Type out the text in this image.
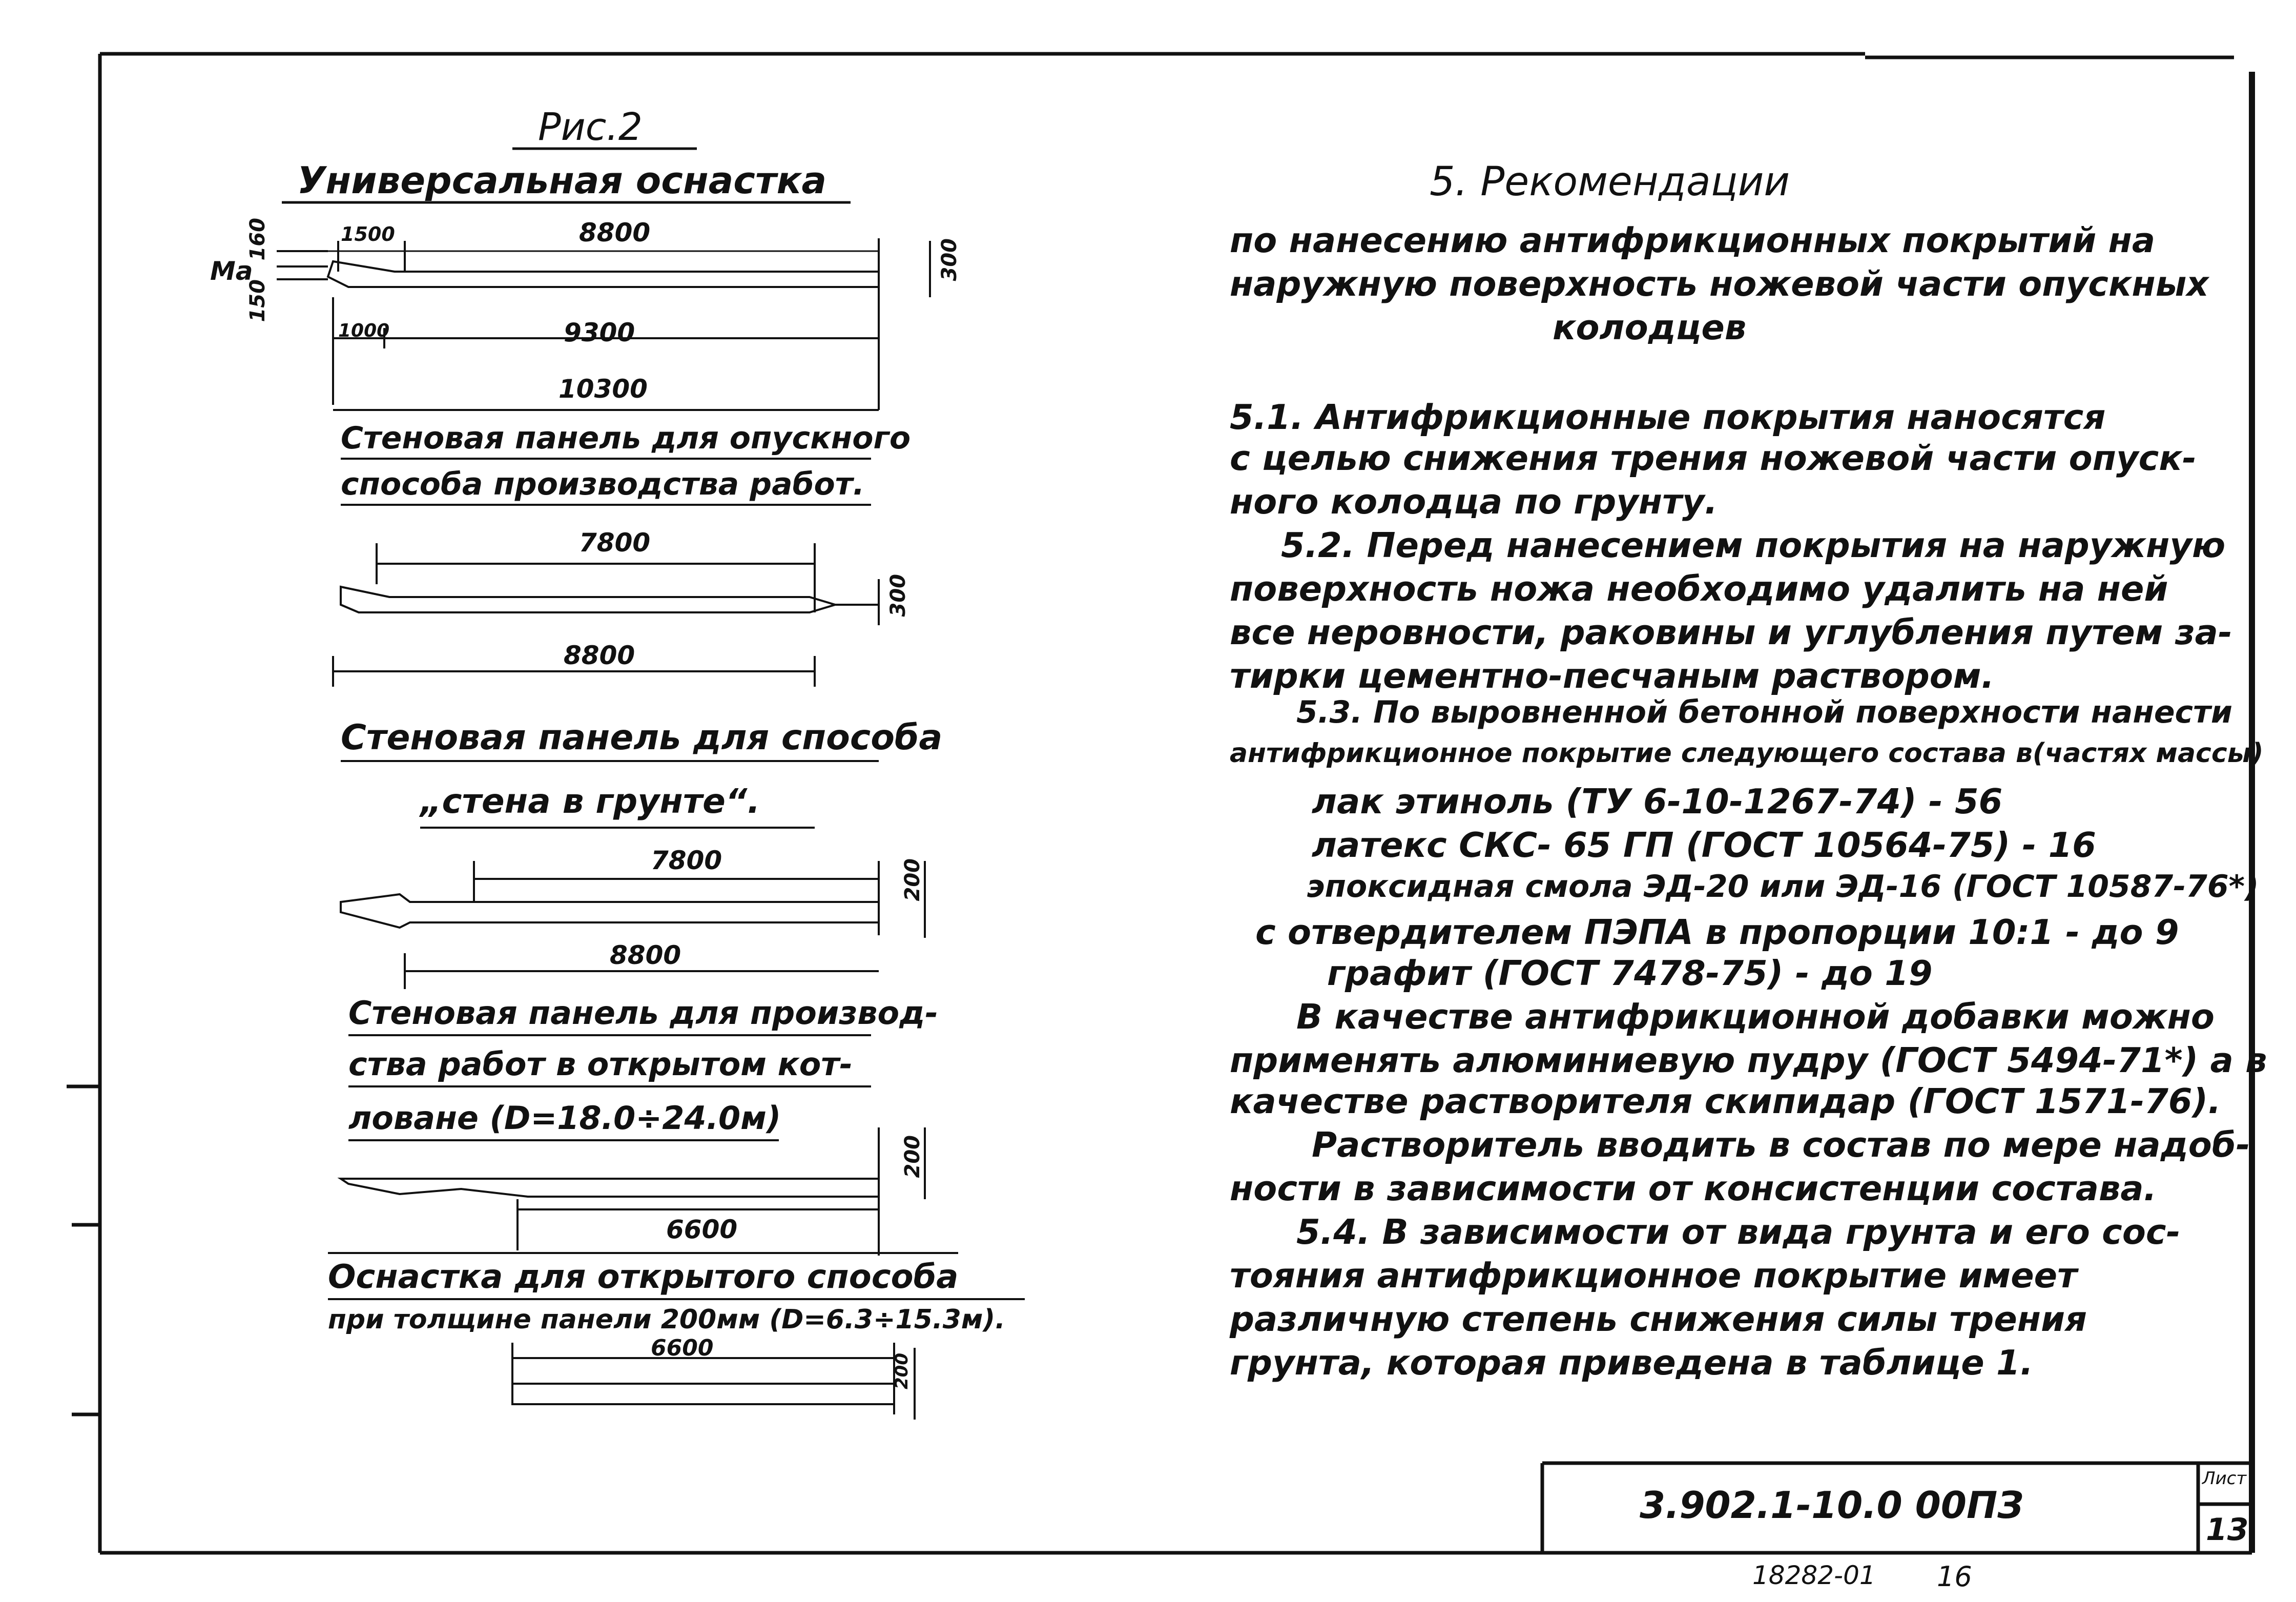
Рис.2
Универсальная оснастка
1500	8800
1000	9300
10300
300
160
150
Ма
Стеновая панель для опускного
способа производства работ.
7800
8800
300
Стеновая панель для способа
„стена в грунте“.
7800
8800
200
Стеновая панель для производ-
ства работ в открытом кот-
ловане (D=18.0÷24.0м)
6600
200
Оснастка для открытого способа
при толщине панели 200мм (D=6.3÷15.3м).
6600
200
5. Рекомендации
по нанесению антифрикционных покрытий на
наружную поверхность ножевой части опускных
колодцев
5.1. Антифрикционные покрытия наносятся
с целью снижения трения ножевой части опуск-
ного колодца по грунту.
5.2. Перед нанесением покрытия на наружную
поверхность ножа необходимо удалить на ней
все неровности, раковины и углубления путем за-
тирки цементно-песчаным раствором.
5.3. По выровненной бетонной поверхности нанести
антифрикционное покрытие следующего состава в(частях массы)
лак этиноль (ТУ 6-10-1267-74) - 56
латекс СКС- 65 ГП (ГОСТ 10564-75) - 16
эпоксидная смола ЭД-20 или ЭД-16 (ГОСТ 10587-76*)
с отвердителем ПЭПА в пропорции 10:1 - до 9
графит (ГОСТ 7478-75) - до 19
В качестве антифрикционной добавки можно
применять алюминиевую пудру (ГОСТ 5494-71*) а в
качестве растворителя скипидар (ГОСТ 1571-76).
Растворитель вводить в состав по мере надоб-
ности в зависимости от консистенции состава.
5.4. В зависимости от вида грунта и его сос-
тояния антифрикционное покрытие имеет
различную степень снижения силы трения
грунта, которая приведена в таблице 1.
3.902.1-10.0 00ПЗ
Лист
13
18282-01 16
